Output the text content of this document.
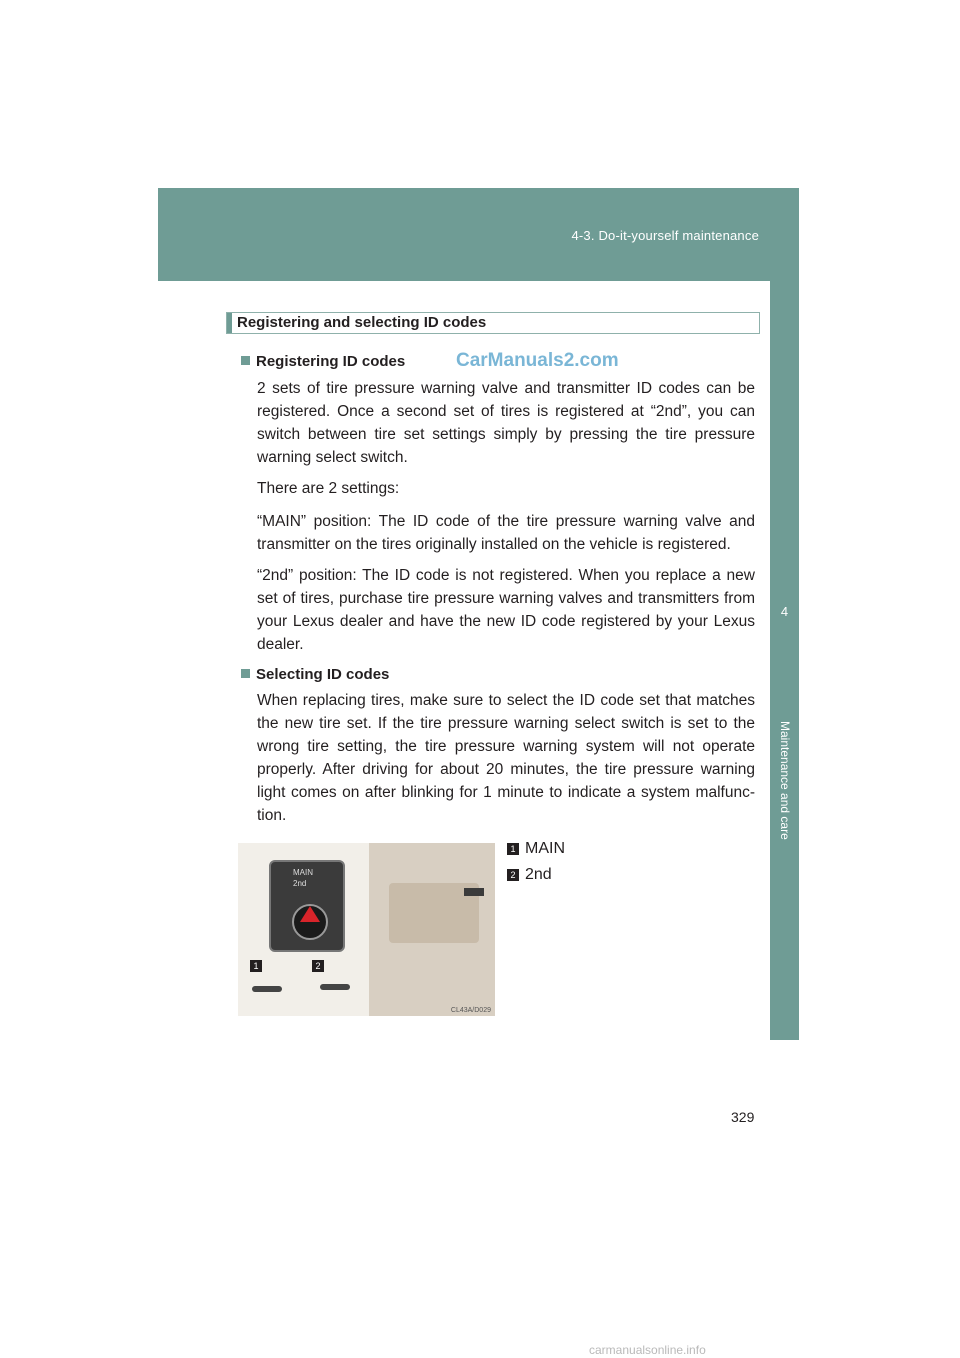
4-3. Do-it-yourself maintenance
4
Maintenance and care
Registering and selecting ID codes
Registering ID codes	CarManuals2.com
2 sets of tire pressure warning valve and transmitter ID codes can be registered. Once a second set of tires is registered at “2nd”, you can switch between tire set settings simply by pressing the tire pressure warning select switch.
There are 2 settings:
“MAIN” position: The ID code of the tire pressure warning valve and transmitter on the tires originally installed on the vehicle is registered.
“2nd” position: The ID code is not registered. When you replace a new set of tires, purchase tire pressure warning valves and transmitters from your Lexus dealer and have the new ID code registered by your Lexus dealer.
Selecting ID codes
When replacing tires, make sure to select the ID code set that matches the new tire set. If the tire pressure warning select switch is set to the wrong tire setting, the tire pressure warning system will not operate properly. After driving for about 20 minutes, the tire pressure warning light comes on after blinking for 1 minute to indicate a system malfunc-tion.
MAIN
2nd
1	2
CL43A/D029
1 MAIN
2 2nd
329
carmanualsonline.info
